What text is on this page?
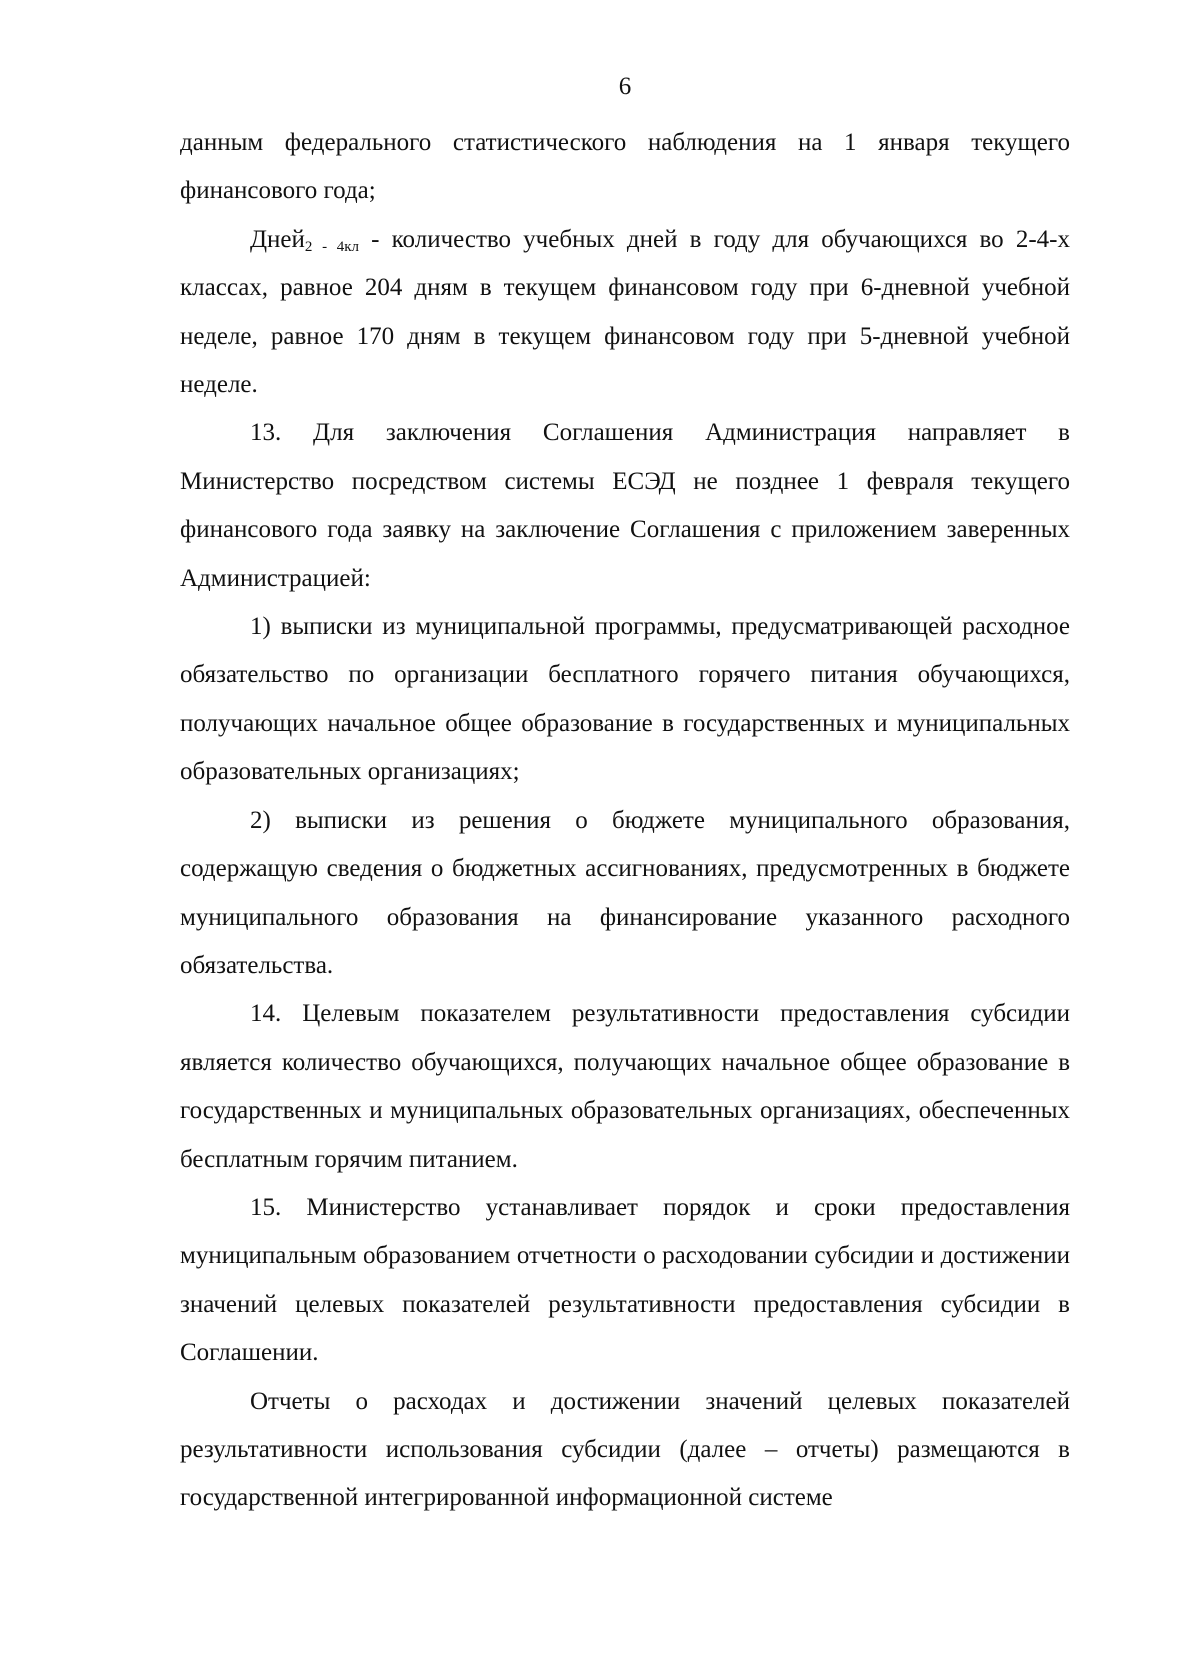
6

данным федерального статистического наблюдения на 1 января текущего финансового года;

Дней$_{2 - 4кл}$ - количество учебных дней в году для обучающихся во 2-4-х классах, равное 204 дням в текущем финансовом году при 6-дневной учебной неделе, равное 170 дням в текущем финансовом году при 5-дневной учебной неделе.

13. Для заключения Соглашения Администрация направляет в Министерство посредством системы ЕСЭД не позднее 1 февраля текущего финансового года заявку на заключение Соглашения с приложением заверенных Администрацией:

1) выписки из муниципальной программы, предусматривающей расходное обязательство по организации бесплатного горячего питания обучающихся, получающих начальное общее образование в государственных и муниципальных образовательных организациях;

2) выписки из решения о бюджете муниципального образования, содержащую сведения о бюджетных ассигнованиях, предусмотренных в бюджете муниципального образования на финансирование указанного расходного обязательства.

14. Целевым показателем результативности предоставления субсидии является количество обучающихся, получающих начальное общее образование в государственных и муниципальных образовательных организациях, обеспеченных бесплатным горячим питанием.

15. Министерство устанавливает порядок и сроки предоставления муниципальным образованием отчетности о расходовании субсидии и достижении значений целевых показателей результативности предоставления субсидии в Соглашении.

Отчеты о расходах и достижении значений целевых показателей результативности использования субсидии (далее – отчеты) размещаются в государственной интегрированной информационной системе
